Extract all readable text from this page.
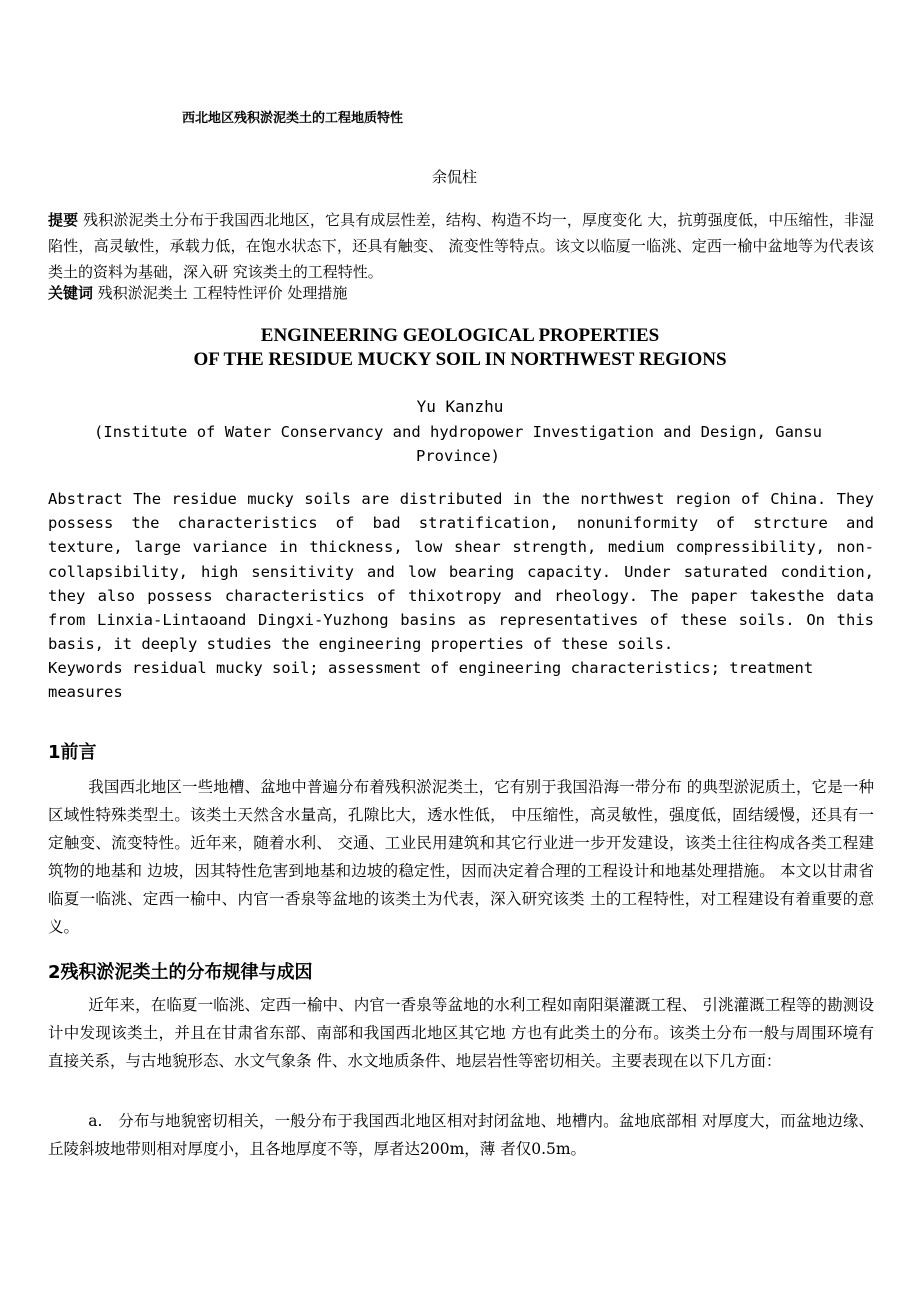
西北地区残积淤泥类土的工程地质特性
余侃柱

提要 残积淤泥类土分布于我国西北地区，它具有成层性差，结构、构造不均一，厚度变化 大，抗剪强度低，中压缩性，非湿陷性，高灵敏性，承载力低，在饱水状态下，还具有触变、 流变性等特点。该文以临厦一临洮、定西一榆中盆地等为代表该类土的资料为基础，深入研 究该类土的工程特性。

关键词 残积淤泥类土 工程特性评价 处理措施
ENGINEERING GEOLOGICAL PROPERTIES
OF THE RESIDUE MUCKY SOIL IN NORTHWEST REGIONS
Yu Kanzhu
(Institute of Water Conservancy and hydropower Investigation and Design, Gansu Province)

Abstract The residue mucky soils are distributed in the northwest region of China. They possess the characteristics of bad stratification, nonuniformity of strcture and texture, large variance in thickness, low shear strength, medium compressibility, non-collapsibility, high sensitivity and low bearing capacity. Under saturated condition, they also possess characteristics of thixotropy and rheology. The paper takesthe data from Linxia-Lintaoand Dingxi-Yuzhong basins as representatives of these soils. On this basis, it deeply studies the engineering properties of these soils.

Keywords residual mucky soil; assessment of engineering characteristics; treatment measures

1前言

我国西北地区一些地槽、盆地中普遍分布着残积淤泥类土，它有别于我国沿海一带分布 的典型淤泥质土，它是一种区域性特殊类型土。该类土天然含水量高，孔隙比大，透水性低， 中压缩性，高灵敏性，强度低，固结缓慢，还具有一定触变、流变特性。近年来，随着水利、 交通、工业民用建筑和其它行业进一步开发建设，该类土往往构成各类工程建筑物的地基和 边坡，因其特性危害到地基和边坡的稳定性，因而决定着合理的工程设计和地基处理措施。 本文以甘肃省临夏一临洮、定西一榆中、内官一香泉等盆地的该类土为代表，深入研究该类 土的工程特性，对工程建设有着重要的意义。

2残积淤泥类土的分布规律与成因

近年来，在临夏一临洮、定西一榆中、内官一香泉等盆地的水利工程如南阳渠灌溉工程、 引洮灌溉工程等的勘测设计中发现该类土，并且在甘肃省东部、南部和我国西北地区其它地 方也有此类土的分布。该类土分布一般与周围环境有直接关系，与古地貌形态、水文气象条 件、水文地质条件、地层岩性等密切相关。主要表现在以下几方面：

a.　分布与地貌密切相关，一般分布于我国西北地区相对封闭盆地、地槽内。盆地底部相 对厚度大，而盆地边缘、丘陵斜坡地带则相对厚度小，且各地厚度不等，厚者达200m，薄 者仅0.5m。
